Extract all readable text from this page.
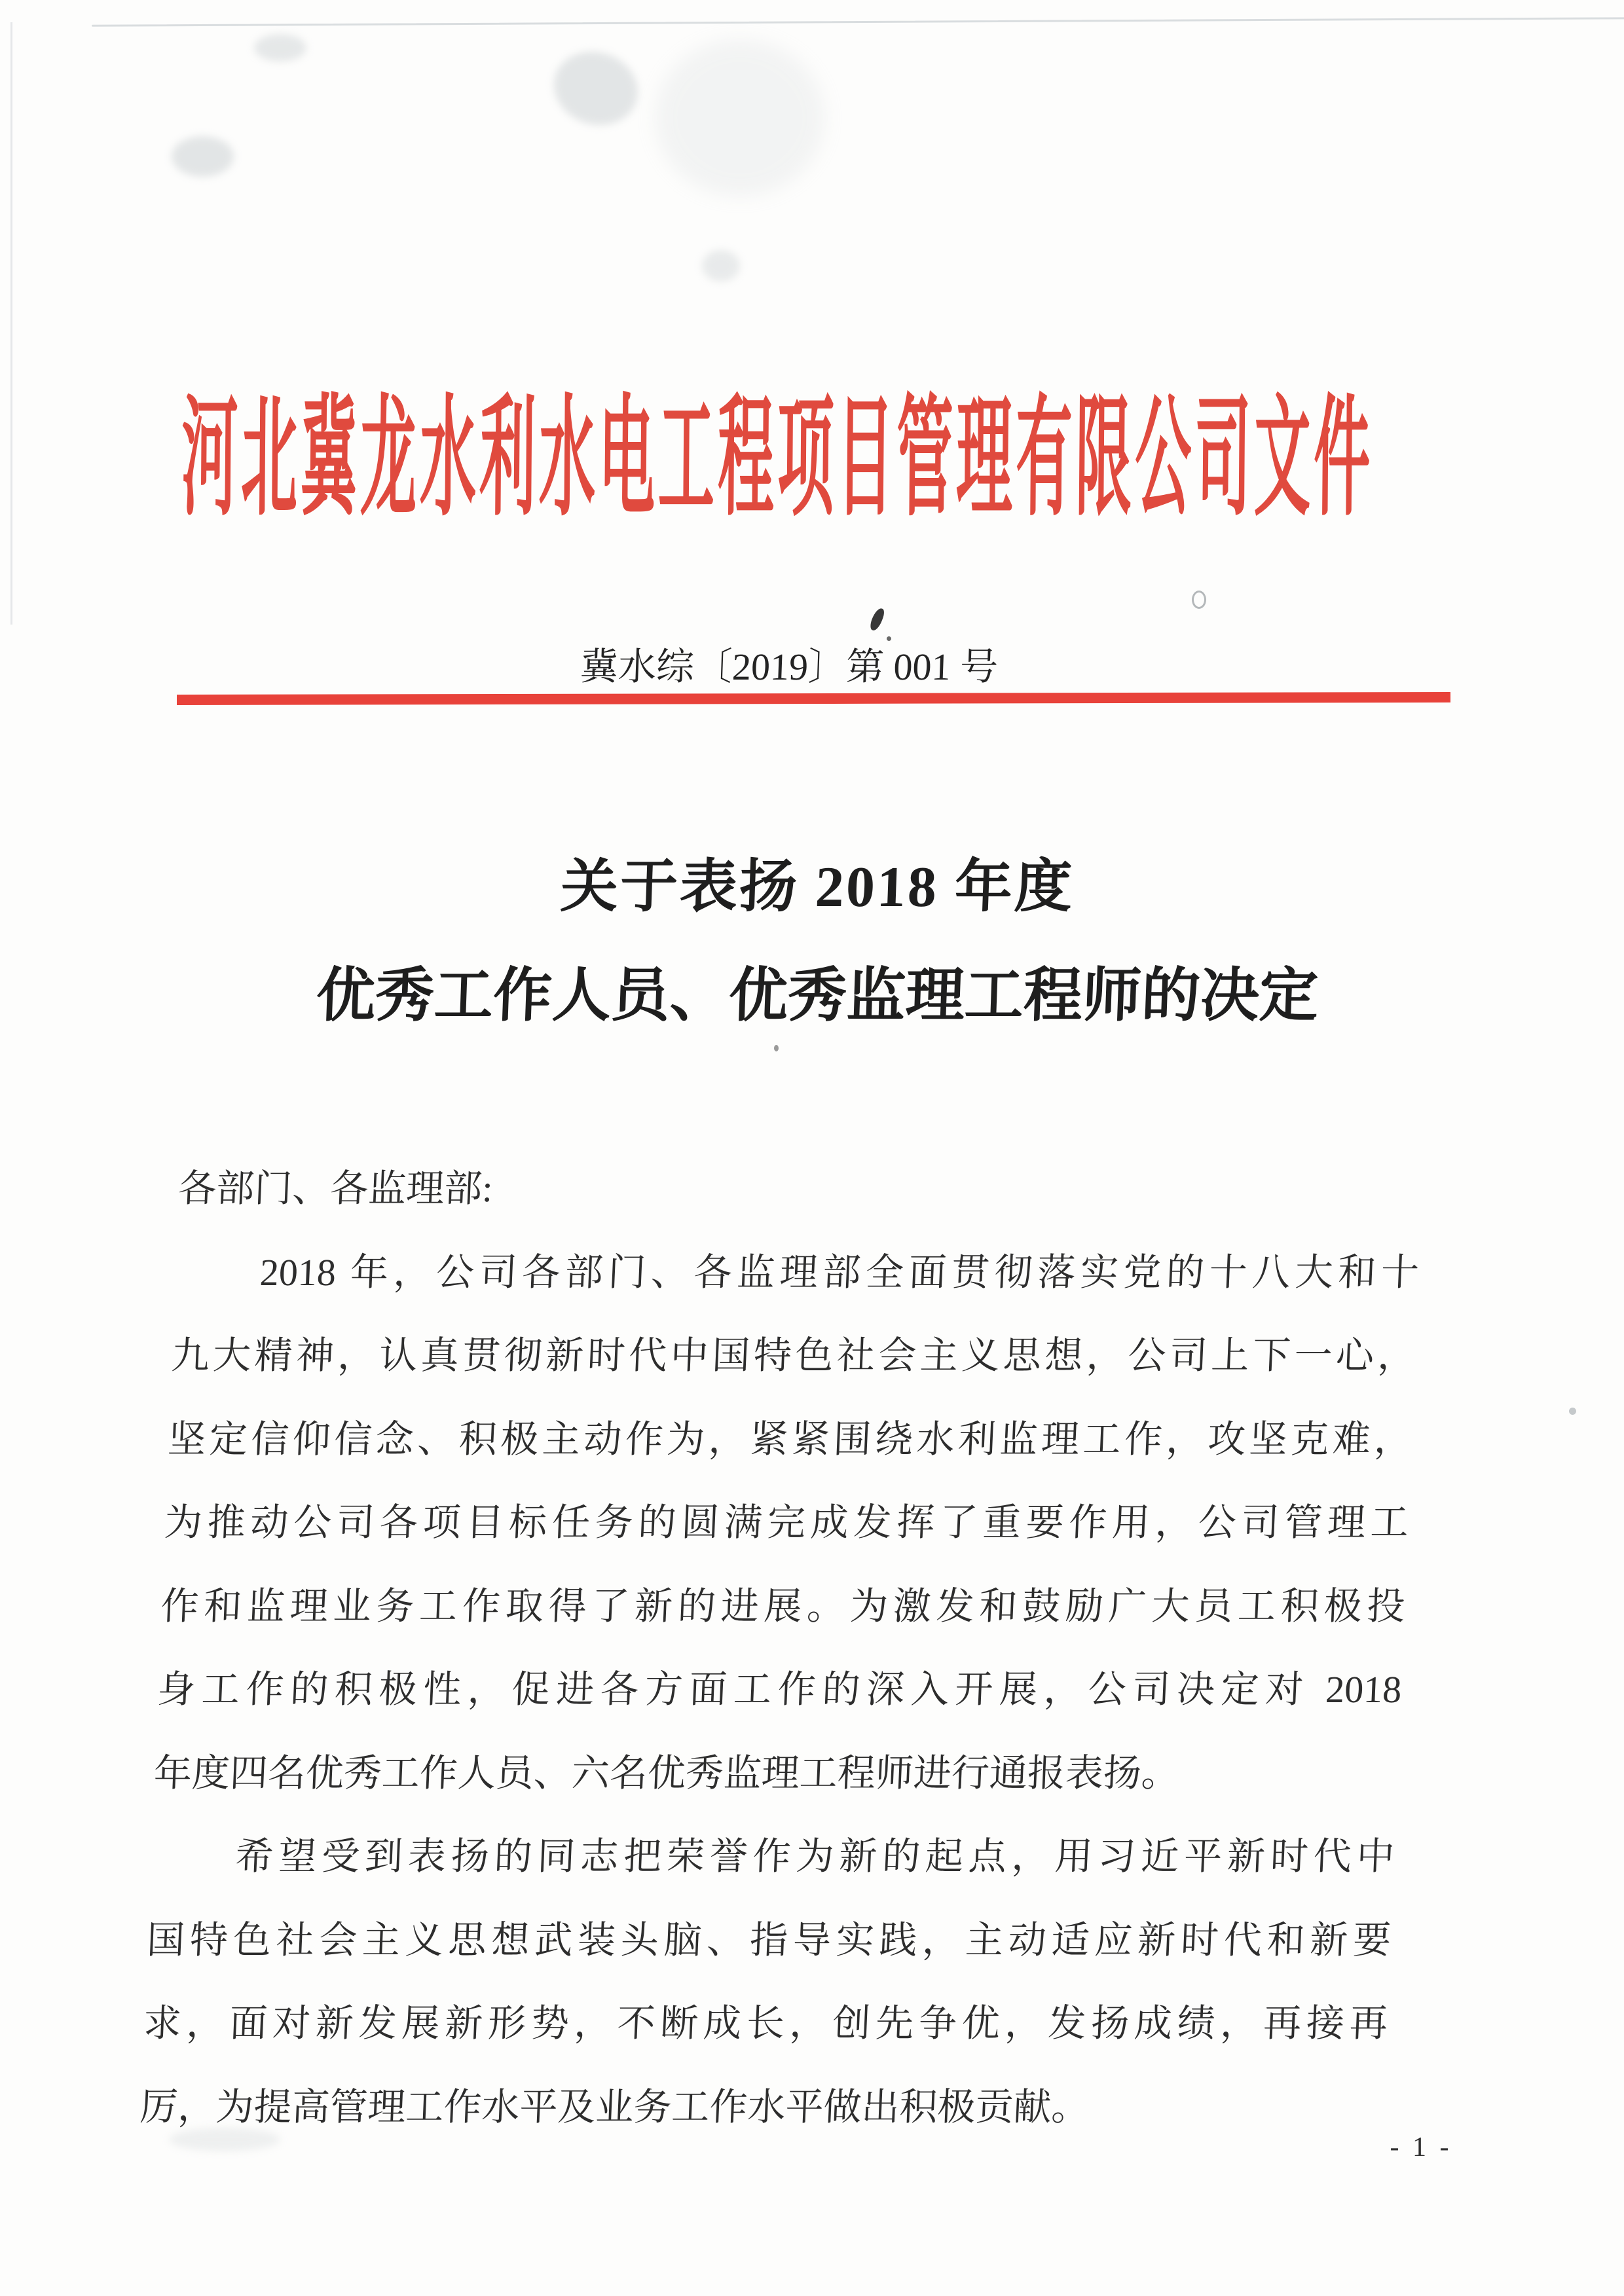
河北冀龙水利水电工程项目管理有限公司文件
冀水综〔2019〕第 001 号
关于表扬 2018 年度
优秀工作人员、优秀监理工程师的决定
各部门、各监理部:
2018 年，公司各部门、各监理部全面贯彻落实党的十八大和十
九大精神，认真贯彻新时代中国特色社会主义思想，公司上下一心，
坚定信仰信念、积极主动作为，紧紧围绕水利监理工作，攻坚克难，
为推动公司各项目标任务的圆满完成发挥了重要作用，公司管理工
作和监理业务工作取得了新的进展。为激发和鼓励广大员工积极投
身工作的积极性，促进各方面工作的深入开展，公司决定对 2018
年度四名优秀工作人员、六名优秀监理工程师进行通报表扬。
希望受到表扬的同志把荣誉作为新的起点，用习近平新时代中
国特色社会主义思想武装头脑、指导实践，主动适应新时代和新要
求，面对新发展新形势，不断成长，创先争优，发扬成绩，再接再
厉，为提高管理工作水平及业务工作水平做出积极贡献。
- 1 -
